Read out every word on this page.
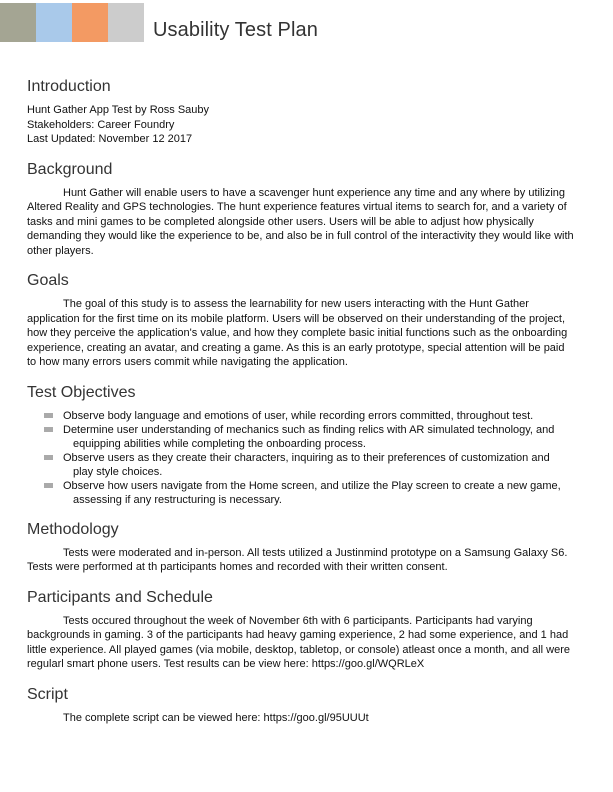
Usability Test Plan
Introduction
Hunt Gather App Test by Ross Sauby
Stakeholders: Career Foundry
Last Updated: November 12 2017
Background

Hunt Gather will enable users to have a scavenger hunt experience any time and any where by utilizing Altered Reality and GPS technologies. The hunt experience features virtual items to search for, and a variety of tasks and mini games to be completed alongside other users. Users will be able to adjust how physically demanding they would like the experience to be, and also be in full control of the interactivity they would like with other players.

Goals

The goal of this study is to assess the learnability for new users interacting with the Hunt Gather application for the first time on its mobile platform. Users will be observed on their understanding of the project, how they perceive the application's value, and how they complete basic initial functions such as the onboarding experience, creating an avatar, and creating a game. As this is an early prototype, special attention will be paid to how many errors users commit while navigating the application.

Test Objectives
Observe body language and emotions of user, while recording errors committed, throughout test.
Determine user understanding of mechanics such as finding relics with AR simulated technology, and
equipping abilities while completing the onboarding process.
Observe users as they create their characters, inquiring as to their preferences of customization and
play style choices.
Observe how users navigate from the Home screen, and utilize the Play screen to create a new game,
assessing if any restructuring is necessary.
Methodology

Tests were moderated and in-person. All tests utilized a Justinmind prototype on a Samsung Galaxy S6. Tests were performed at th participants homes and recorded with their written consent.

Participants and Schedule

Tests occured throughout the week of November 6th with 6 participants. Participants had varying backgrounds in gaming. 3 of the participants had heavy gaming experience, 2 had some experience, and 1 had little experience. All played games (via mobile, desktop, tabletop, or console) atleast once a month, and all were regularl smart phone users. Test results can be view here: https://goo.gl/WQRLeX

Script

The complete script can be viewed here: https://goo.gl/95UUUt
